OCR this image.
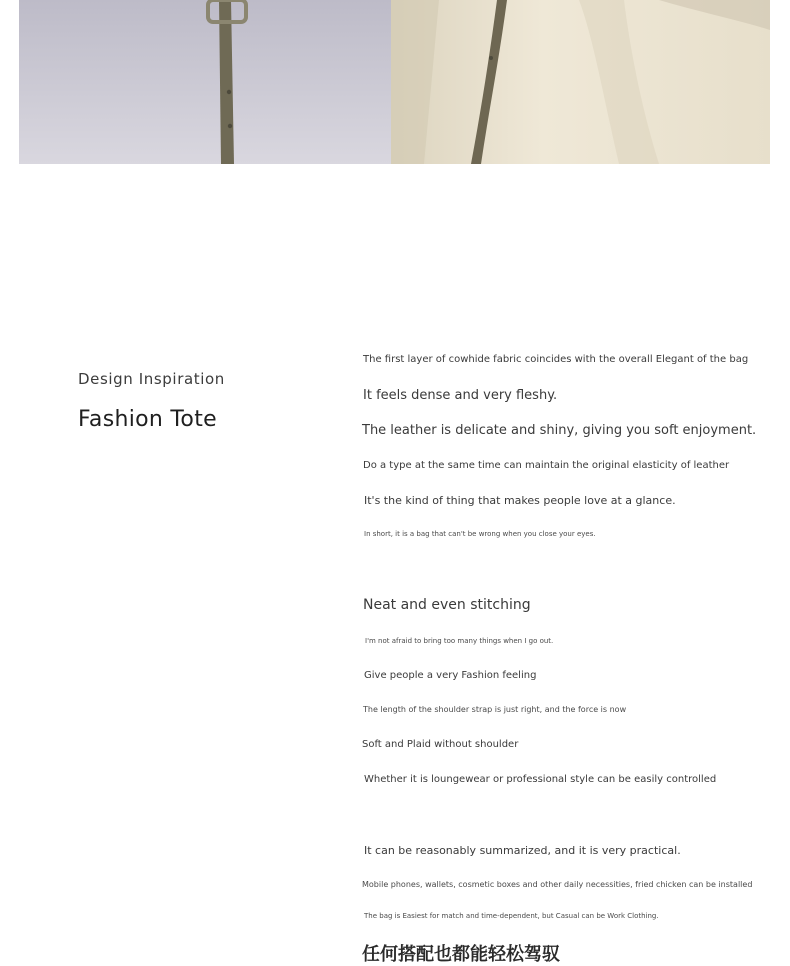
Design Inspiration
Fashion Tote
The first layer of cowhide fabric coincides with the overall Elegant of the bag
It feels dense and very fleshy.
The leather is delicate and shiny, giving you soft enjoyment.
Do a type at the same time can maintain the original elasticity of leather
It's the kind of thing that makes people love at a glance.
In short, it is a bag that can't be wrong when you close your eyes.
Neat and even stitching
I'm not afraid to bring too many things when I go out.
Give people a very Fashion feeling
The length of the shoulder strap is just right, and the force is now
Soft and Plaid without shoulder
Whether it is loungewear or professional style can be easily controlled
It can be reasonably summarized, and it is very practical.
Mobile phones, wallets, cosmetic boxes and other daily necessities, fried chicken can be installed
The bag is Easiest for match and time-dependent, but Casual can be Work Clothing.
任何搭配也都能轻松驾驭
